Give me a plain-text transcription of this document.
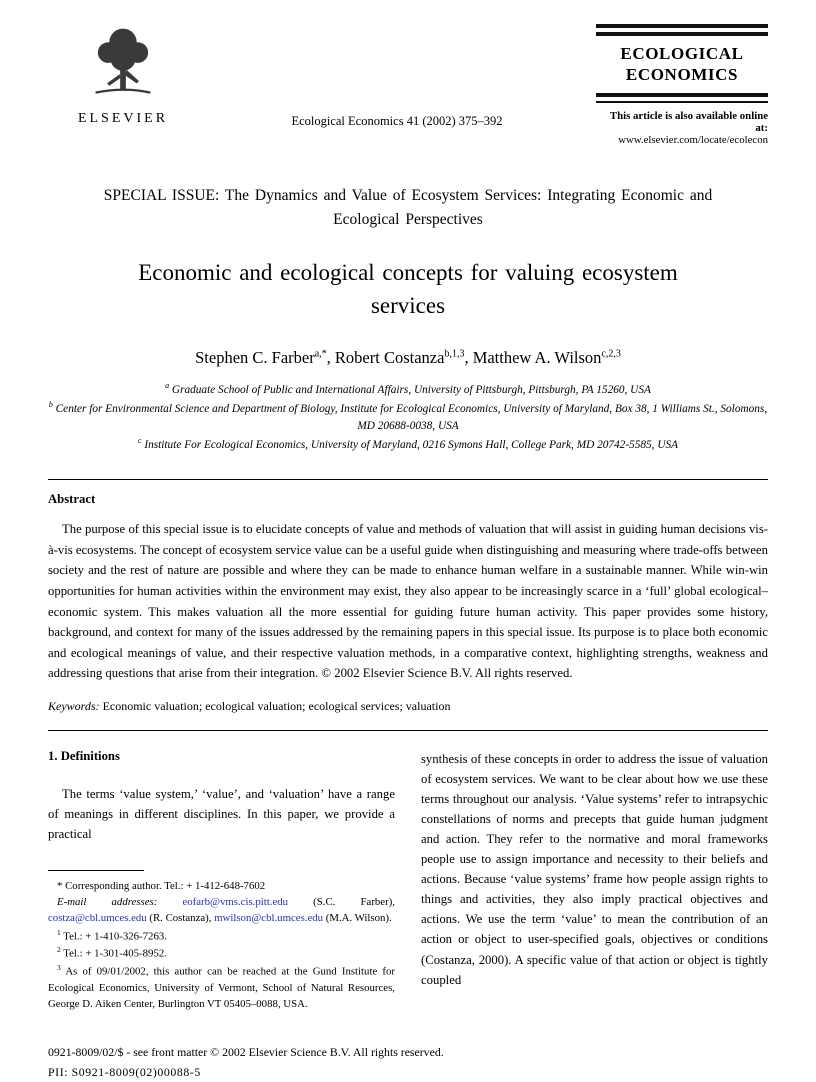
ELSEVIER	Ecological Economics 41 (2002) 375–392
ECOLOGICAL
ECONOMICS
This article is also available online at:
www.elsevier.com/locate/ecolecon
SPECIAL ISSUE: The Dynamics and Value of Ecosystem Services: Integrating Economic and Ecological Perspectives
Economic and ecological concepts for valuing ecosystem services
Stephen C. Farber$^{a,*}$, Robert Costanza$^{b,1,3}$, Matthew A. Wilson$^{c,2,3}$
$^a$ Graduate School of Public and International Affairs, University of Pittsburgh, Pittsburgh, PA 15260, USA
$^b$ Center for Environmental Science and Department of Biology, Institute for Ecological Economics, University of Maryland, Box 38, 1 Williams St., Solomons, MD 20688-0038, USA
$^c$ Institute For Ecological Economics, University of Maryland, 0216 Symons Hall, College Park, MD 20742-5585, USA
Abstract

The purpose of this special issue is to elucidate concepts of value and methods of valuation that will assist in guiding human decisions vis-à-vis ecosystems. The concept of ecosystem service value can be a useful guide when distinguishing and measuring where trade-offs between society and the rest of nature are possible and where they can be made to enhance human welfare in a sustainable manner. While win-win opportunities for human activities within the environment may exist, they also appear to be increasingly scarce in a ‘full’ global ecological–economic system. This makes valuation all the more essential for guiding future human activity. This paper provides some history, background, and context for many of the issues addressed by the remaining papers in this special issue. Its purpose is to place both economic and ecological meanings of value, and their respective valuation methods, in a comparative context, highlighting strengths, weakness and addressing questions that arise from their integration. © 2002 Elsevier Science B.V. All rights reserved.

Keywords: Economic valuation; ecological valuation; ecological services; valuation

1. Definitions

The terms ‘value system,’ ‘value’, and ‘valuation’ have a range of meanings in different disciplines. In this paper, we provide a practical

* Corresponding author. Tel.: + 1-412-648-7602

E-mail addresses: eofarb@vms.cis.pitt.edu (S.C. Farber), costza@cbl.umces.edu (R. Costanza), mwilson@cbl.umces.edu (M.A. Wilson).

$^1$ Tel.: + 1-410-326-7263.

$^2$ Tel.: + 1-301-405-8952.

$^3$ As of 09/01/2002, this author can be reached at the Gund Institute for Ecological Economics, University of Vermont, School of Natural Resources, George D. Aiken Center, Burlington VT 05405–0088, USA.

synthesis of these concepts in order to address the issue of valuation of ecosystem services. We want to be clear about how we use these terms throughout our analysis. ‘Value systems’ refer to intrapsychic constellations of norms and precepts that guide human judgment and action. They refer to the normative and moral frameworks people use to assign importance and necessity to their beliefs and actions. Because ‘value systems’ frame how people assign rights to things and activities, they also imply practical objectives and actions. We use the term ‘value’ to mean the contribution of an action or object to user-specified goals, objectives or conditions (Costanza, 2000). A specific value of that action or object is tightly coupled

0921-8009/02/$ - see front matter © 2002 Elsevier Science B.V. All rights reserved.
PII: S0921-8009(02)00088-5
